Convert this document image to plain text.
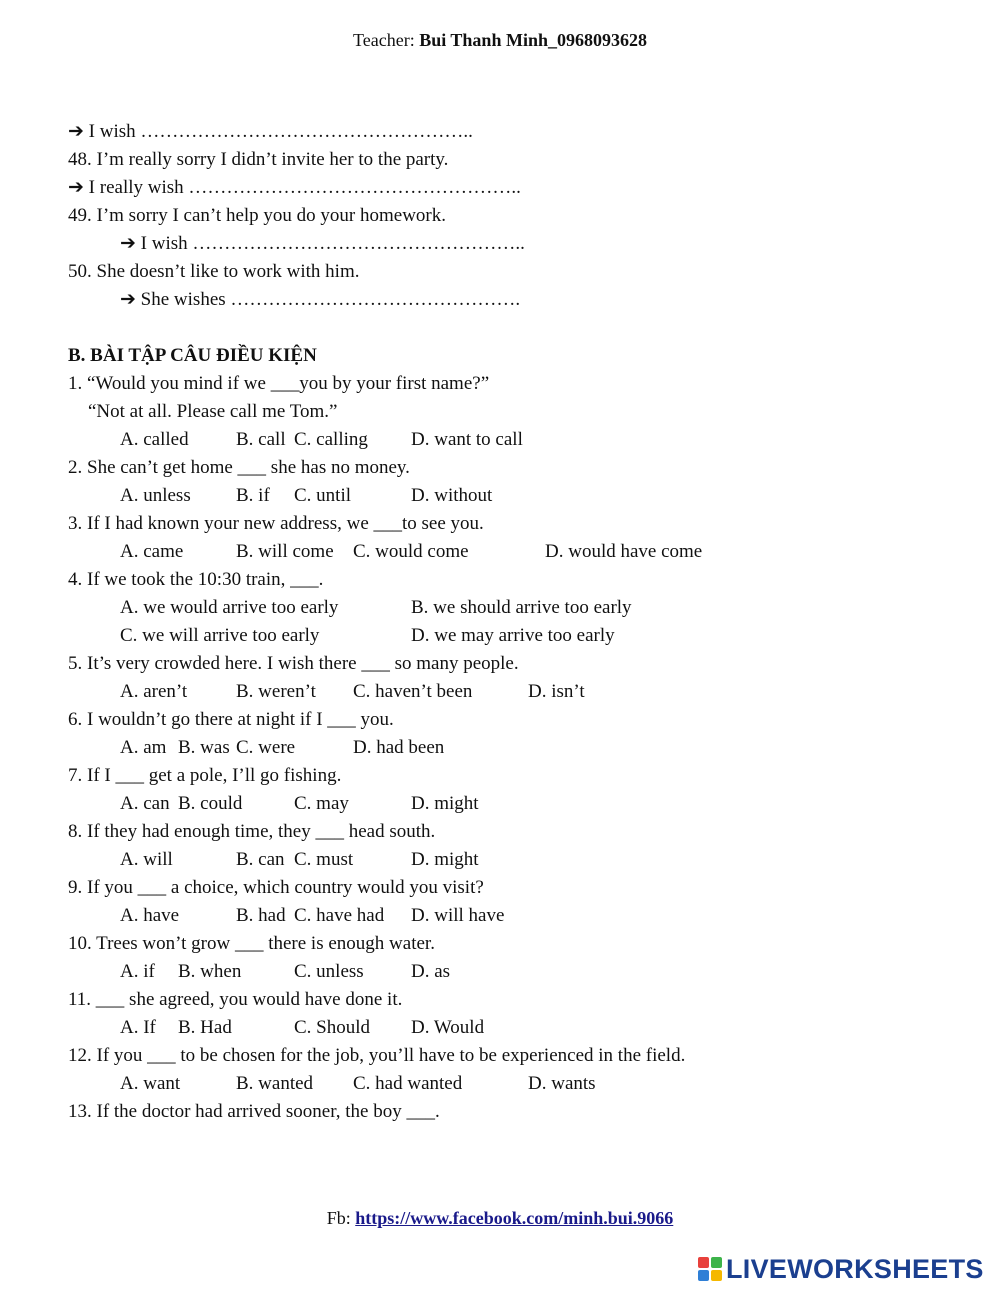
Teacher: Bui Thanh Minh_0968093628
➔ I wish ……………………………………………..
48. I’m really sorry I didn’t invite her to the party.
➔ I really wish ……………………………………………..
49. I’m sorry I can’t help you do your homework.
➔ I wish ……………………………………………..
50. She doesn’t like to work with him.
➔ She wishes ……………………………………….
B. BÀI TẬP CÂU ĐIỀU KIỆN
1. “Would you mind if we ___you by your first name?”
“Not at all. Please call me Tom.”
A. called B. call C. calling D. want to call
2. She can’t get home ___ she has no money.
A. unless B. if C. until	D. without
3. If I had known your new address, we ___to see you.
A. came	B. will come C. would come	D. would have come
4. If we took the 10:30 train, ___.
A. we would arrive too early	B. we should arrive too early
C. we will arrive too early	D. we may arrive too early
5. It’s very crowded here. I wish there ___ so many people.
A. aren’t	B. weren’t C. haven’t been	D. isn’t
6. I wouldn’t go there at night if I ___ you.
A. am B. was C. were	D. had been
7. If I ___ get a pole, I’ll go fishing.
A. can B. could	C. may	D. might
8. If they had enough time, they ___ head south.
A. will	B. can C. must	D. might
9. If you ___ a choice, which country would you visit?
A. have	B. had C. have had D. will have
10. Trees won’t grow ___ there is enough water.
A. if B. when	C. unless D. as
11. ___ she agreed, you would have done it.
A. If B. Had	C. Should D. Would
12. If you ___ to be chosen for the job, you’ll have to be experienced in the field.
A. want	B. wanted C. had wanted	D. wants
13. If the doctor had arrived sooner, the boy ___.
Fb: https://www.facebook.com/minh.bui.9066
LIVEWORKSHEETS
